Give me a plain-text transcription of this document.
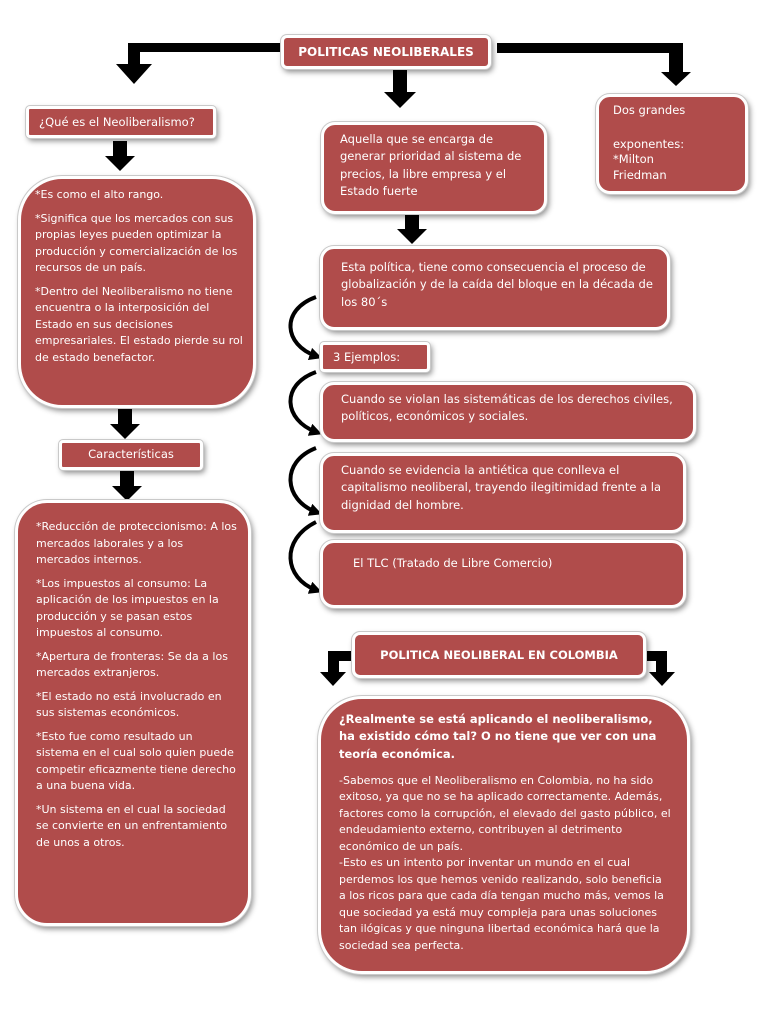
POLITICAS NEOLIBERALES
¿Qué es el Neoliberalismo?

*Es como el alto rango.

*Significa que los mercados con sus propias leyes pueden optimizar la producción y comercialización de los recursos de un país.

*Dentro del Neoliberalismo no tiene encuentra o la interposición del Estado en sus decisiones empresariales. El estado pierde su rol de estado benefactor.

Características

*Reducción de proteccionismo: A los mercados laborales y a los mercados internos.

*Los impuestos al consumo: La aplicación de los impuestos en la producción y se pasan estos impuestos al consumo.

*Apertura de fronteras: Se da a los mercados extranjeros.

*El estado no está involucrado en sus sistemas económicos.

*Esto fue como resultado un sistema en el cual solo quien puede competir eficazmente tiene derecho a una buena vida.

*Un sistema en el cual la sociedad se convierte en un enfrentamiento de unos a otros.

Aquella que se encarga de generar prioridad al sistema de precios, la libre empresa y el Estado fuerte
Esta política, tiene como consecuencia el proceso de globalización y de la caída del bloque en la década de los 80´s
3 Ejemplos:
Cuando se violan las sistemáticas de los derechos civiles, políticos, económicos y sociales.
Cuando se evidencia la antiética que conlleva el capitalismo neoliberal, trayendo ilegitimidad frente a la dignidad del hombre.
El TLC (Tratado de Libre Comercio)
Dos grandes
exponentes:
*Milton Friedman
POLITICA NEOLIBERAL EN COLOMBIA

¿Realmente se está aplicando el neoliberalismo, ha existido cómo tal? O no tiene que ver con una teoría económica.

-Sabemos que el Neoliberalismo en Colombia, no ha sido exitoso, ya que no se ha aplicado correctamente. Además, factores como la corrupción, el elevado del gasto público, el endeudamiento externo, contribuyen al detrimento económico de un país.

-Esto es un intento por inventar un mundo en el cual perdemos los que hemos venido realizando, solo beneficia a los ricos para que cada día tengan mucho más, vemos la que sociedad ya está muy compleja para unas soluciones tan ilógicas y que ninguna libertad económica hará que la sociedad sea perfecta.
